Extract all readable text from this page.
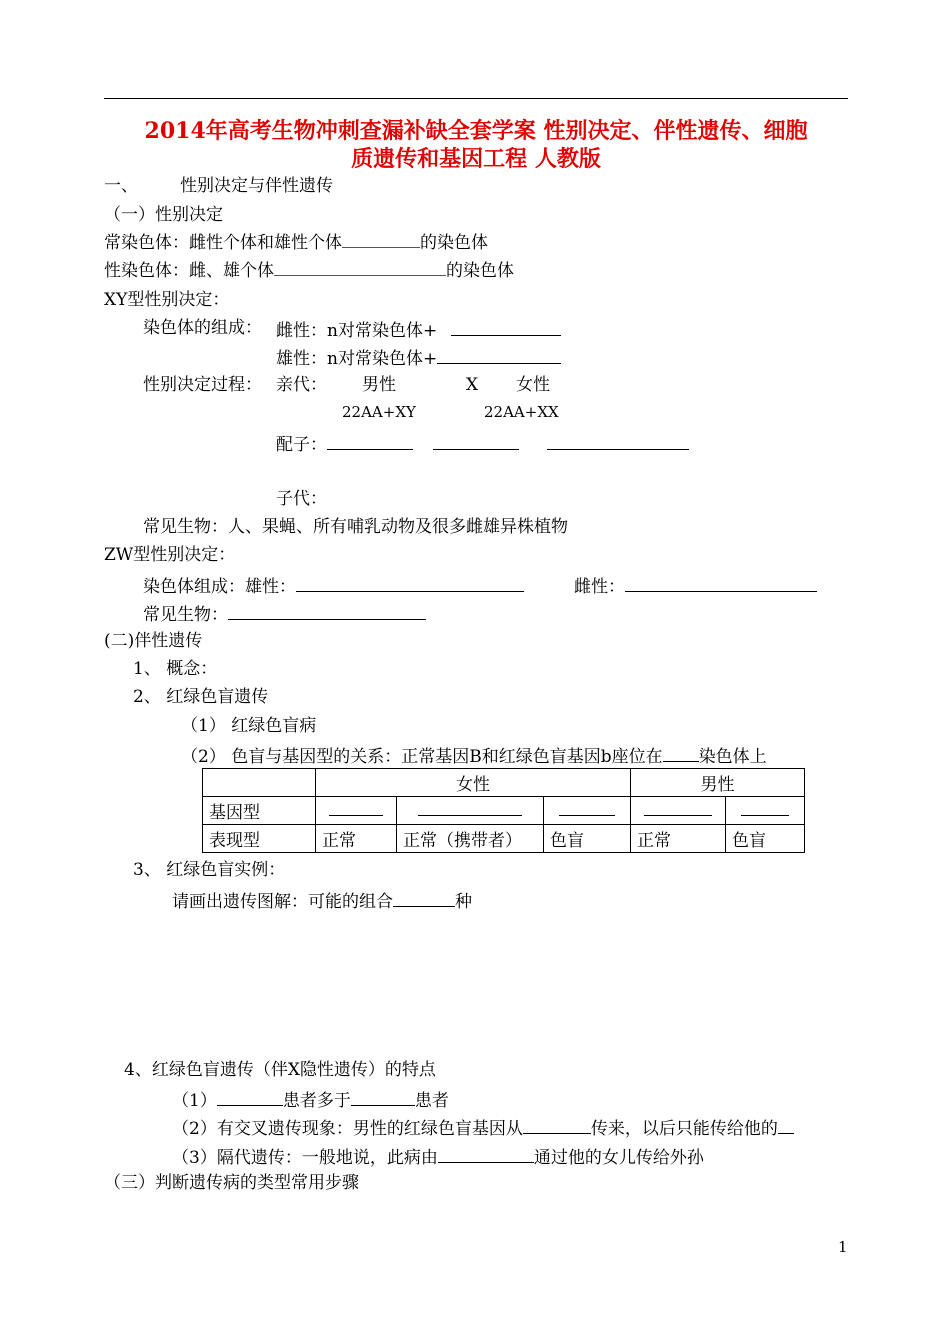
2014年高考生物冲刺查漏补缺全套学案 性别决定、伴性遗传、细胞
质遗传和基因工程 人教版
一、 性别决定与伴性遗传
（一）性别决定
常染色体：雌性个体和雄性个体	的染色体
性染色体：雌、雄个体	的染色体
XY型性别决定：
染色体的组成： 雌性：n对常染色体+
雄性：n对常染色体+
性别决定过程： 亲代： 男性	X 女性
22AA+XY	22AA+XX
配子：
子代：
常见生物：人、果蝇、所有哺乳动物及很多雌雄异株植物
ZW型性别决定：
染色体组成：雄性：	雌性：
常见生物：
(二)伴性遗传
1、 概念：
2、 红绿色盲遗传
（1） 红绿色盲病
（2） 色盲与基因型的关系：正常基因B和红绿色盲基因b座位在 染色体上
	女性			男性	
基因型	

表现型	正常	正常（携带者）	色盲	正常	色盲
3、 红绿色盲实例：
请画出遗传图解：可能的组合	种
4、红绿色盲遗传（伴X隐性遗传）的特点
（1）	患者多于	患者
（2）有交叉遗传现象：男性的红绿色盲基因从	传来，以后只能传给他的
（3）隔代遗传：一般地说，此病由	通过他的女儿传给外孙
（三）判断遗传病的类型常用步骤
1
